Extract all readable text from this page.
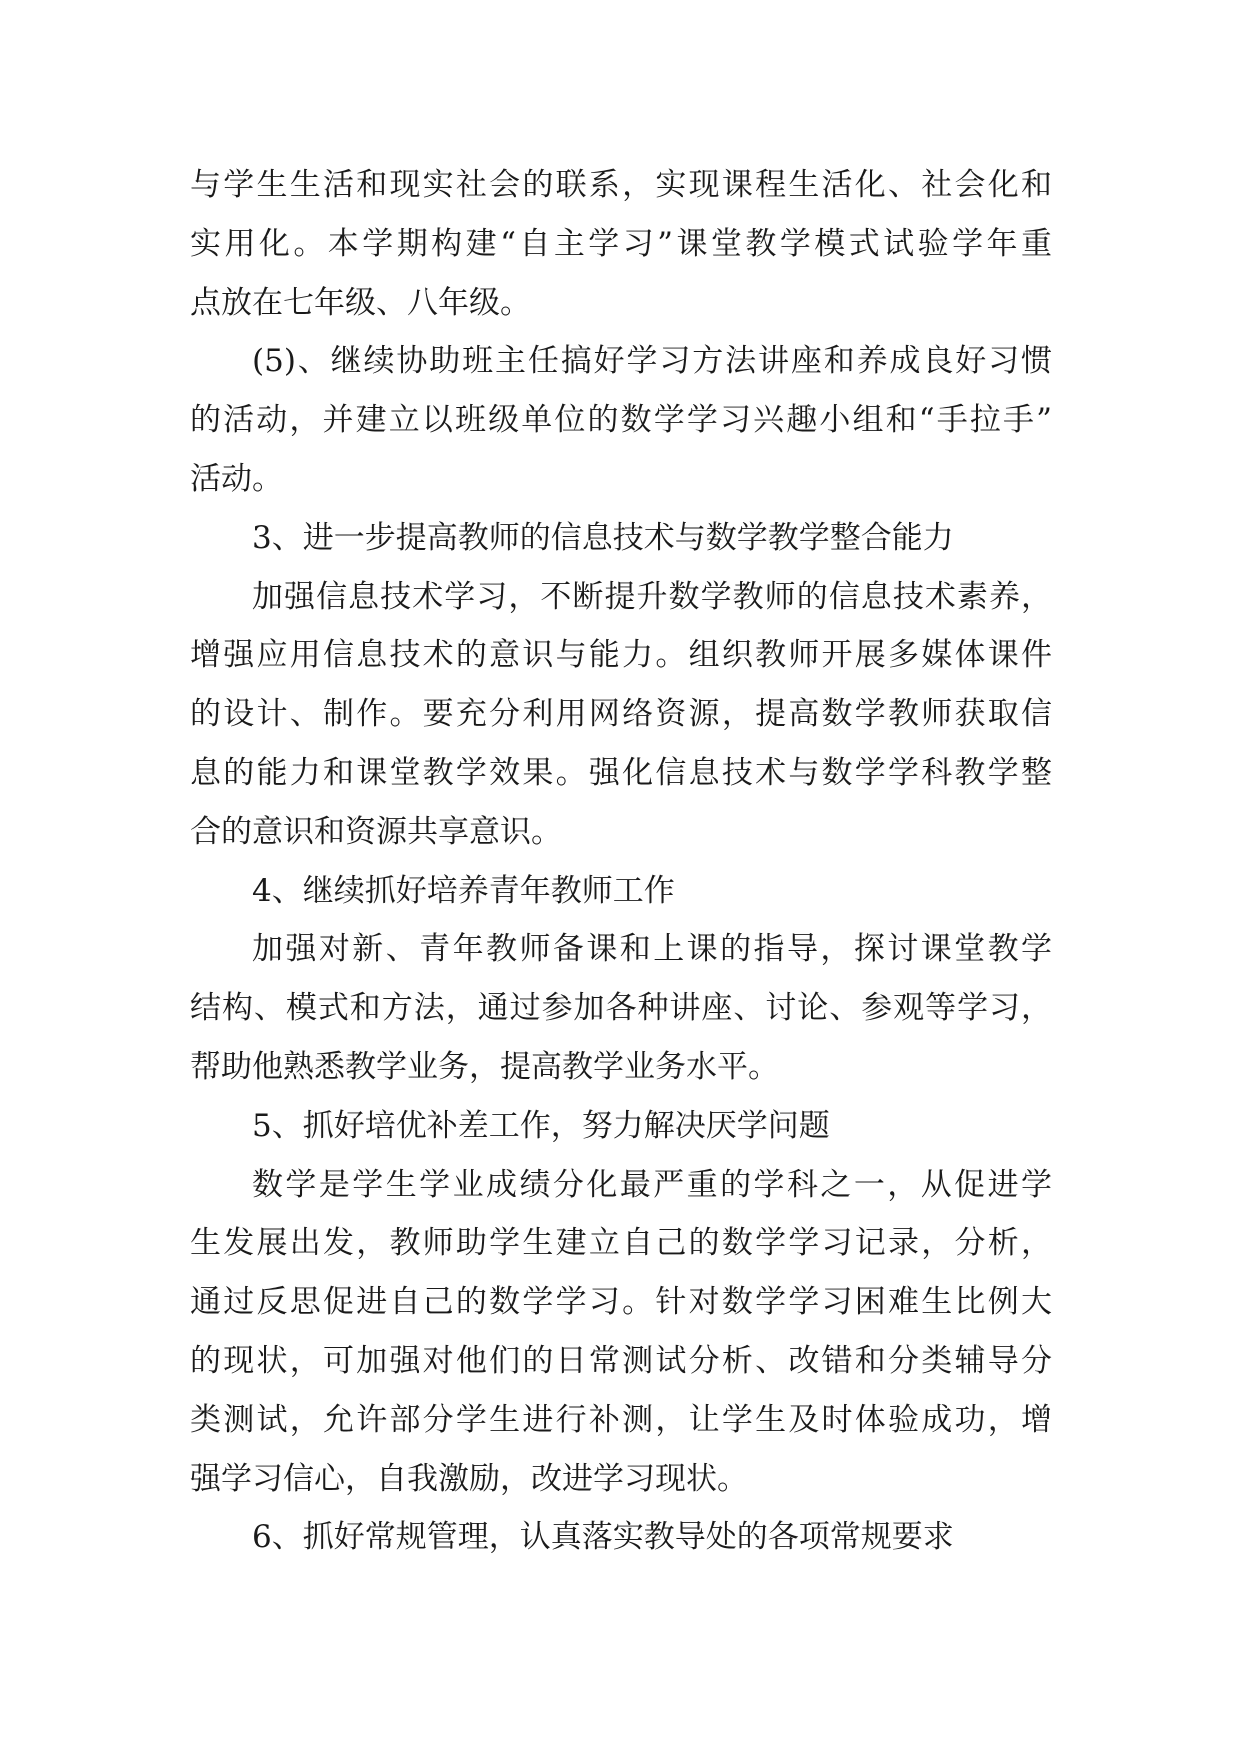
与学生生活和现实社会的联系，实现课程生活化、社会化和
实用化。本学期构建“自主学习”课堂教学模式试验学年重
点放在七年级、八年级。
(5)、继续协助班主任搞好学习方法讲座和养成良好习惯
的活动，并建立以班级单位的数学学习兴趣小组和“手拉手”
活动。
3、进一步提高教师的信息技术与数学教学整合能力
加强信息技术学习，不断提升数学教师的信息技术素养，
增强应用信息技术的意识与能力。组织教师开展多媒体课件
的设计、制作。要充分利用网络资源，提高数学教师获取信
息的能力和课堂教学效果。强化信息技术与数学学科教学整
合的意识和资源共享意识。
4、继续抓好培养青年教师工作
加强对新、青年教师备课和上课的指导，探讨课堂教学
结构、模式和方法，通过参加各种讲座、讨论、参观等学习，
帮助他熟悉教学业务，提高教学业务水平。
5、抓好培优补差工作，努力解决厌学问题
数学是学生学业成绩分化最严重的学科之一，从促进学
生发展出发，教师助学生建立自己的数学学习记录，分析，
通过反思促进自己的数学学习。针对数学学习困难生比例大
的现状，可加强对他们的日常测试分析、改错和分类辅导分
类测试，允许部分学生进行补测，让学生及时体验成功，增
强学习信心，自我激励，改进学习现状。
6、抓好常规管理，认真落实教导处的各项常规要求
